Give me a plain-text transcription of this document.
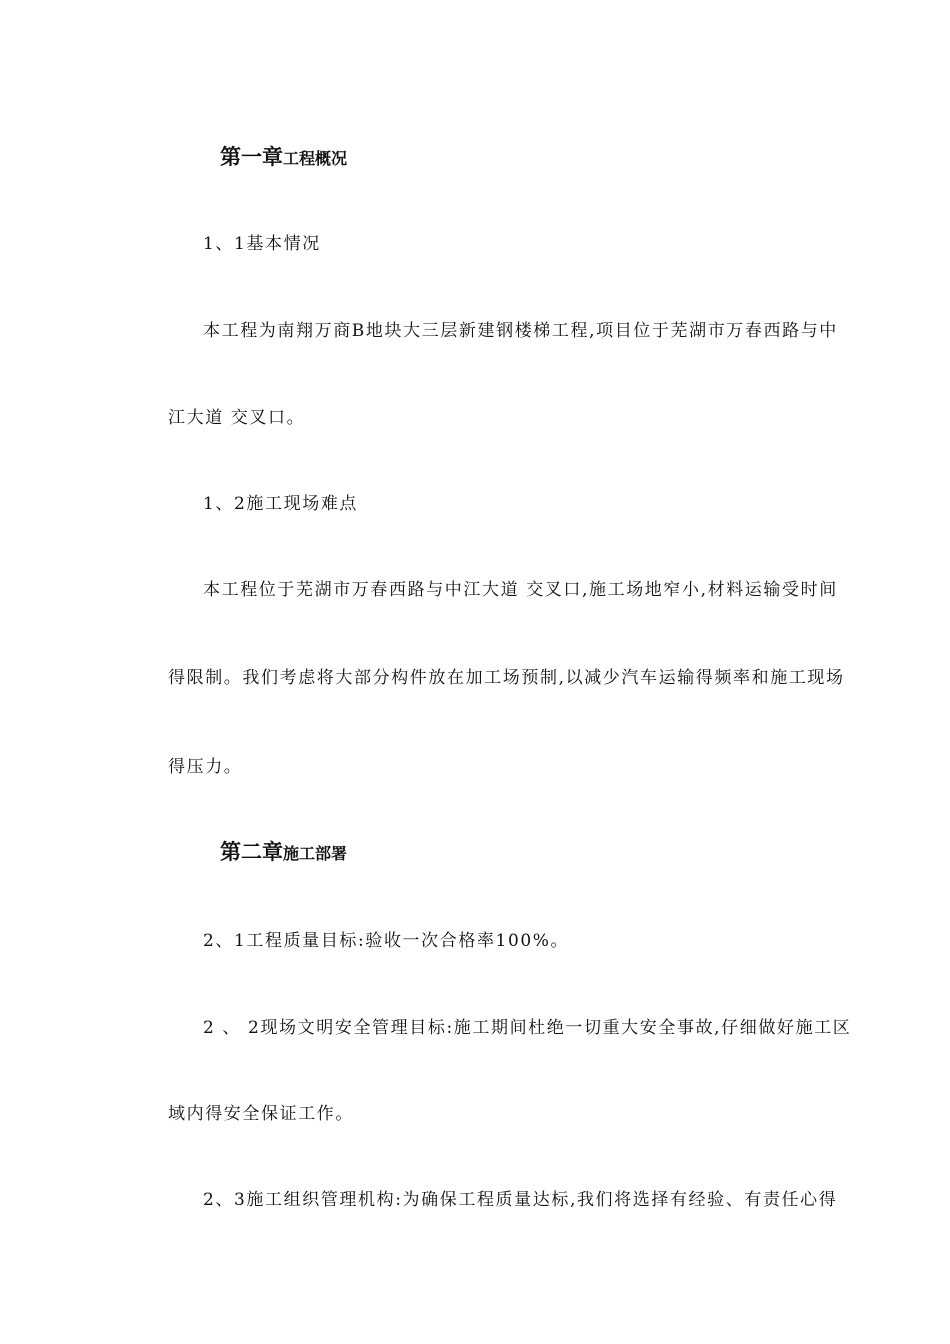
第一章工程概况
1、1基本情况
本工程为南翔万商B地块大三层新建钢楼梯工程,项目位于芜湖市万春西路与中
江大道 交叉口。
1、2施工现场难点
本工程位于芜湖市万春西路与中江大道 交叉口,施工场地窄小,材料运输受时间
得限制。我们考虑将大部分构件放在加工场预制,以减少汽车运输得频率和施工现场
得压力。
第二章施工部署
2、1工程质量目标:验收一次合格率100%。
2 、 2现场文明安全管理目标:施工期间杜绝一切重大安全事故,仔细做好施工区
域内得安全保证工作。
2、3施工组织管理机构:为确保工程质量达标,我们将选择有经验、有责任心得
